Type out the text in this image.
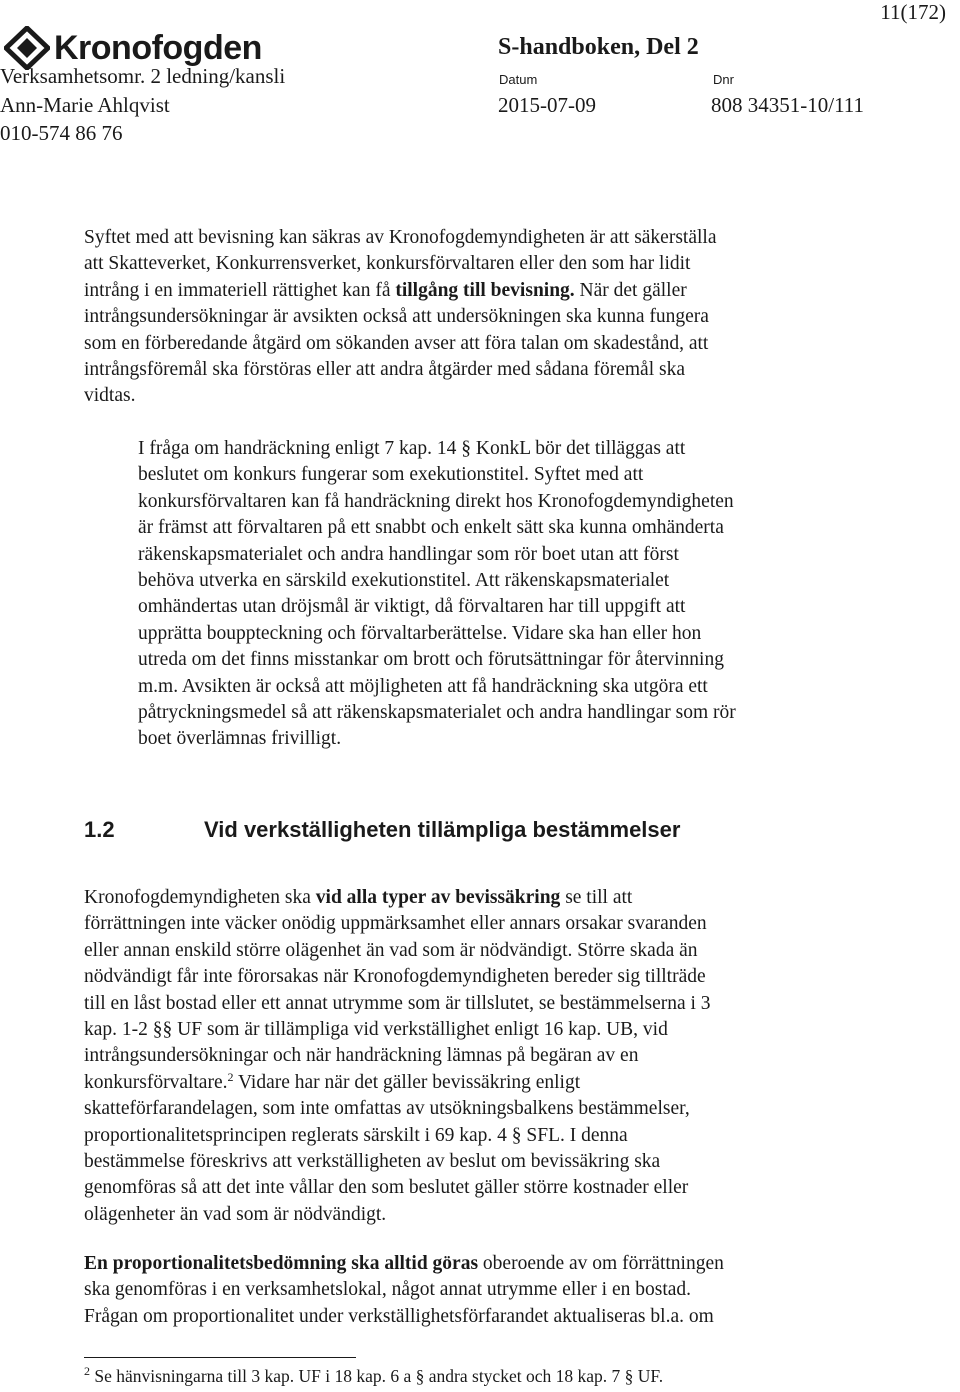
11(172)
Kronofogden	S-handboken, Del 2
Verksamhetsomr. 2 ledning/kansli
Ann-Marie Ahlqvist
010-574 86 76
Datum	Dnr
2015-07-09	808 34351-10/111
Syftet med att bevisning kan säkras av Kronofogdemyndigheten är att säkerställa
att Skatteverket, Konkurrensverket, konkursförvaltaren eller den som har lidit
intrång i en immateriell rättighet kan få tillgång till bevisning. När det gäller
intrångsundersökningar är avsikten också att undersökningen ska kunna fungera
som en förberedande åtgärd om sökanden avser att föra talan om skadestånd, att
intrångsföremål ska förstöras eller att andra åtgärder med sådana föremål ska
vidtas.
I fråga om handräckning enligt 7 kap. 14 § KonkL bör det tilläggas att
beslutet om konkurs fungerar som exekutionstitel. Syftet med att
konkursförvaltaren kan få handräckning direkt hos Kronofogdemyndigheten
är främst att förvaltaren på ett snabbt och enkelt sätt ska kunna omhänderta
räkenskapsmaterialet och andra handlingar som rör boet utan att först
behöva utverka en särskild exekutionstitel. Att räkenskapsmaterialet
omhändertas utan dröjsmål är viktigt, då förvaltaren har till uppgift att
upprätta bouppteckning och förvaltarberättelse. Vidare ska han eller hon
utreda om det finns misstankar om brott och förutsättningar för återvinning
m.m. Avsikten är också att möjligheten att få handräckning ska utgöra ett
påtryckningsmedel så att räkenskapsmaterialet och andra handlingar som rör
boet överlämnas frivilligt.
1.2	Vid verkställigheten tillämpliga bestämmelser
Kronofogdemyndigheten ska vid alla typer av bevissäkring se till att
förrättningen inte väcker onödig uppmärksamhet eller annars orsakar svaranden
eller annan enskild större olägenhet än vad som är nödvändigt. Större skada än
nödvändigt får inte förorsakas när Kronofogdemyndigheten bereder sig tillträde
till en låst bostad eller ett annat utrymme som är tillslutet, se bestämmelserna i 3
kap. 1-2 §§ UF som är tillämpliga vid verkställighet enligt 16 kap. UB, vid
intrångsundersökningar och när handräckning lämnas på begäran av en
konkursförvaltare.$^2$ Vidare har när det gäller bevissäkring enligt
skatteförfarandelagen, som inte omfattas av utsökningsbalkens bestämmelser,
proportionalitetsprincipen reglerats särskilt i 69 kap. 4 § SFL. I denna
bestämmelse föreskrivs att verkställigheten av beslut om bevissäkring ska
genomföras så att det inte vållar den som beslutet gäller större kostnader eller
olägenheter än vad som är nödvändigt.
En proportionalitetsbedömning ska alltid göras oberoende av om förrättningen
ska genomföras i en verksamhetslokal, något annat utrymme eller i en bostad.
Frågan om proportionalitet under verkställighetsförfarandet aktualiseras bl.a. om
$^2$ Se hänvisningarna till 3 kap. UF i 18 kap. 6 a § andra stycket och 18 kap. 7 § UF.
